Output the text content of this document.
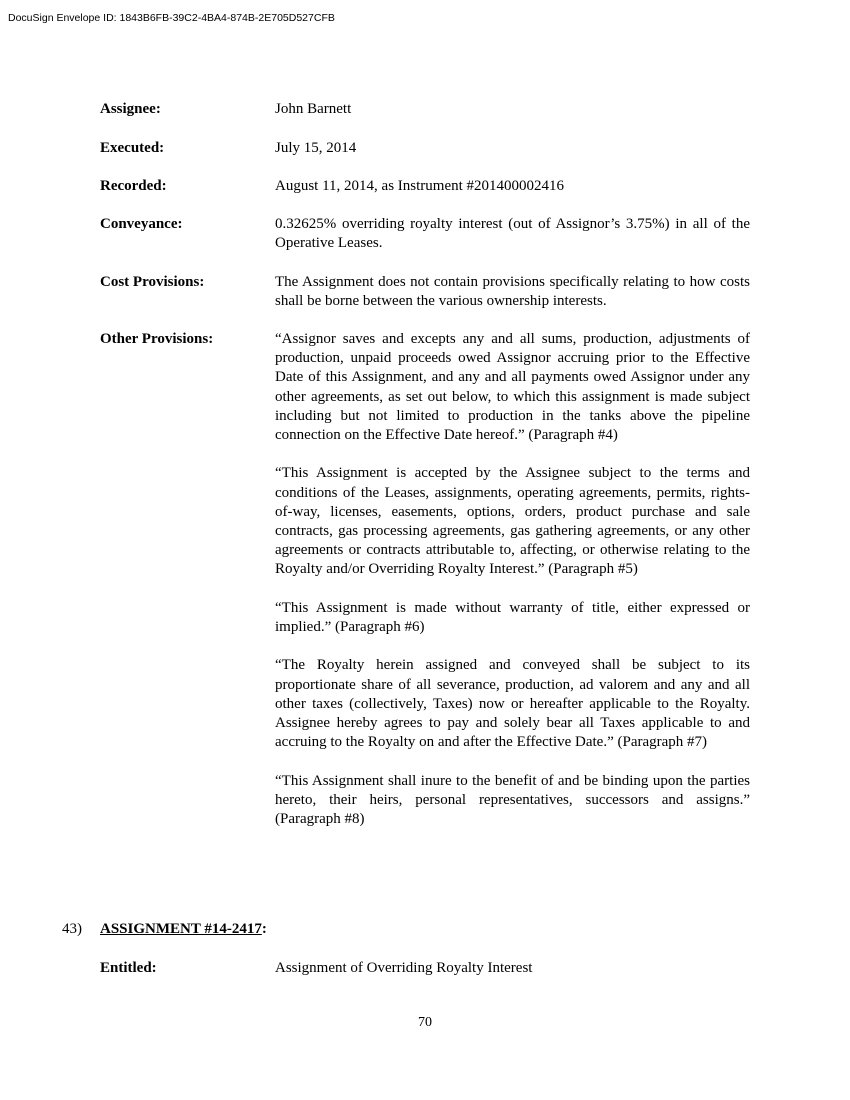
DocuSign Envelope ID: 1843B6FB-39C2-4BA4-874B-2E705D527CFB
Assignee:	John Barnett
Executed:	July 15, 2014
Recorded:	August 11, 2014, as Instrument #201400002416
Conveyance:	0.32625% overriding royalty interest (out of Assignor’s 3.75%) in all of the Operative Leases.
Cost Provisions:	The Assignment does not contain provisions specifically relating to how costs shall be borne between the various ownership interests.
Other Provisions:	“Assignor saves and excepts any and all sums, production, adjustments of production, unpaid proceeds owed Assignor accruing prior to the Effective Date of this Assignment, and any and all payments owed Assignor under any other agreements, as set out below, to which this assignment is made subject including but not limited to production in the tanks above the pipeline connection on the Effective Date hereof.” (Paragraph #4)

“This Assignment is accepted by the Assignee subject to the terms and conditions of the Leases, assignments, operating agreements, permits, rights-of-way, licenses, easements, options, orders, product purchase and sale contracts, gas processing agreements, gas gathering agreements, or any other agreements or contracts attributable to, affecting, or otherwise relating to the Royalty and/or Overriding Royalty Interest.” (Paragraph #5)

“This Assignment is made without warranty of title, either expressed or implied.” (Paragraph #6)

“The Royalty herein assigned and conveyed shall be subject to its proportionate share of all severance, production, ad valorem and any and all other taxes (collectively, Taxes) now or hereafter applicable to the Royalty. Assignee hereby agrees to pay and solely bear all Taxes applicable to and accruing to the Royalty on and after the Effective Date.” (Paragraph #7)

“This Assignment shall inure to the benefit of and be binding upon the parties hereto, their heirs, personal representatives, successors and assigns.” (Paragraph #8)

43) ASSIGNMENT #14-2417:
Entitled:	Assignment of Overriding Royalty Interest
70
